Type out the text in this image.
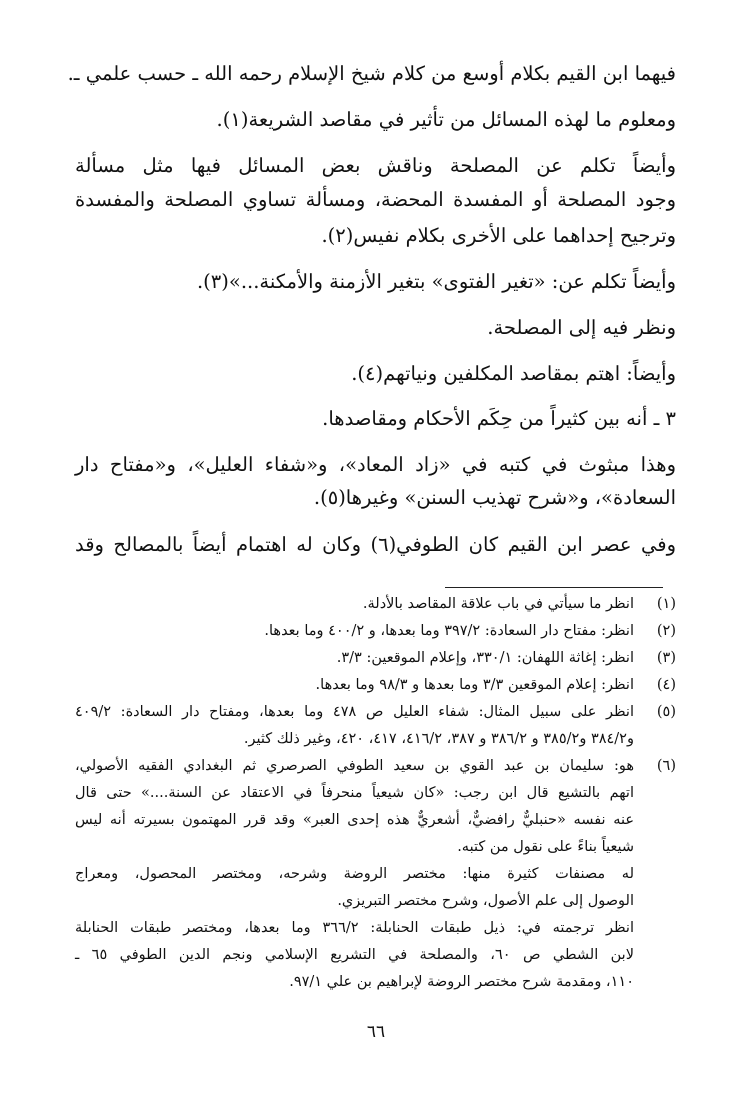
فيهما ابن القيم بكلام أوسع من كلام شيخ الإسلام رحمه الله ـ حسب علمي ـ.
ومعلوم ما لهذه المسائل من تأثير في مقاصد الشريعة(١).
وأيضاً تكلم عن المصلحة وناقش بعض المسائل فيها مثل مسألة
وجود المصلحة أو المفسدة المحضة، ومسألة تساوي المصلحة والمفسدة
وترجيح إحداهما على الأخرى بكلام نفيس(٢).
وأيضاً تكلم عن: «تغير الفتوى» بتغير الأزمنة والأمكنة...»(٣).
ونظر فيه إلى المصلحة.
وأيضاً: اهتم بمقاصد المكلفين ونياتهم(٤).
٣ ـ أنه بين كثيراً من حِكَم الأحكام ومقاصدها.
وهذا مبثوث في كتبه في «زاد المعاد»، و«شفاء العليل»، و«مفتاح دار
السعادة»، و«شرح تهذيب السنن» وغيرها(٥).
وفي عصر ابن القيم كان الطوفي(٦) وكان له اهتمام أيضاً بالمصالح وقد
(١)
(٢)
(٣)
(٤)
(٥)
(٦)
انظر ما سيأتي في باب علاقة المقاصد بالأدلة.
انظر: مفتاح دار السعادة: ٣٩٧/٢ وما بعدها، و ٤٠٠/٢ وما بعدها.
انظر: إغاثة اللهفان: ٣٣٠/١، وإعلام الموقعين: ٣/٣.
انظر: إعلام الموقعين ٣/٣ وما بعدها و ٩٨/٣ وما بعدها.
انظر على سبيل المثال: شفاء العليل ص ٤٧٨ وما بعدها، ومفتاح دار السعادة: ٤٠٩/٢
و٣٨٤/٢ و٣٨٥/٢ و ٣٨٦/٢ و ٣٨٧، ٤١٦/٢، ٤١٧، ٤٢٠، وغير ذلك كثير.
هو: سليمان بن عبد القوي بن سعيد الطوفي الصرصري ثم البغدادي الفقيه الأصولي،
اتهم بالتشيع قال ابن رجب: «كان شيعياً منحرفاً في الاعتقاد عن السنة....» حتى قال
عنه نفسه «حنبليٌّ رافضيٌّ، أشعريٌّ هذه إحدى العبر» وقد قرر المهتمون بسيرته أنه ليس
شيعياً بناءً على نقول من كتبه.
له مصنفات كثيرة منها: مختصر الروضة وشرحه، ومختصر المحصول، ومعراج
الوصول إلى علم الأصول، وشرح مختصر التبريزي.
انظر ترجمته في: ذيل طبقات الحنابلة: ٣٦٦/٢ وما بعدها، ومختصر طبقات الحنابلة
لابن الشطي ص ٦٠، والمصلحة في التشريع الإسلامي ونجم الدين الطوفي ٦٥ ـ
١١٠، ومقدمة شرح مختصر الروضة لإبراهيم بن علي ٩٧/١.
٦٦
